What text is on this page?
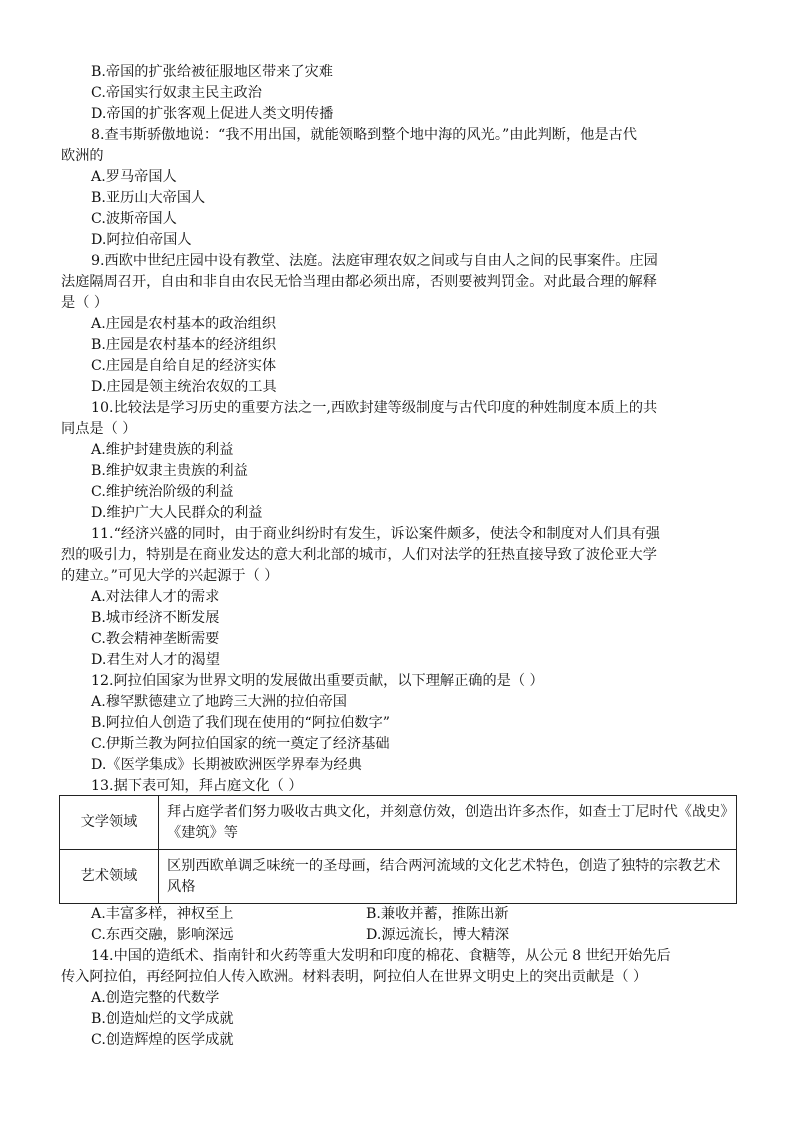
B.帝国的扩张给被征服地区带来了灾难
C.帝国实行奴隶主民主政治
D.帝国的扩张客观上促进人类文明传播
8.查韦斯骄傲地说：“我不用出国，就能领略到整个地中海的风光。”由此判断，他是古代
欧洲的
A.罗马帝国人
B.亚历山大帝国人
C.波斯帝国人
D.阿拉伯帝国人
9.西欧中世纪庄园中设有教堂、法庭。法庭审理农奴之间或与自由人之间的民事案件。庄园
法庭隔周召开，自由和非自由农民无恰当理由都必须出席，否则要被判罚金。对此最合理的解释
是（ ）
A.庄园是农村基本的政治组织
B.庄园是农村基本的经济组织
C.庄园是自给自足的经济实体
D.庄园是领主统治农奴的工具
10.比较法是学习历史的重要方法之一,西欧封建等级制度与古代印度的种姓制度本质上的共
同点是（ ）
A.维护封建贵族的利益
B.维护奴隶主贵族的利益
C.维护统治阶级的利益
D.维护广大人民群众的利益
11.“经济兴盛的同时，由于商业纠纷时有发生，诉讼案件颇多，使法令和制度对人们具有强
烈的吸引力，特别是在商业发达的意大利北部的城市，人们对法学的狂热直接导致了波伦亚大学
的建立。”可见大学的兴起源于（ ）
A.对法律人才的需求
B.城市经济不断发展
C.教会精神垄断需要
D.君生对人才的渴望
12.阿拉伯国家为世界文明的发展做出重要贡献，以下理解正确的是（ ）
A.穆罕默德建立了地跨三大洲的拉伯帝国
B.阿拉伯人创造了我们现在使用的“阿拉伯数字”
C.伊斯兰教为阿拉伯国家的统一奠定了经济基础
D.《医学集成》长期被欧洲医学界奉为经典
13.据下表可知，拜占庭文化（ ）
文学领域	拜占庭学者们努力吸收古典文化，并刻意仿效，创造出许多杰作，如查士丁尼时代《战史》《建筑》等
艺术领域	区别西欧单调乏味统一的圣母画，结合两河流域的文化艺术特色，创造了独特的宗教艺术风格
A.丰富多样，神权至上	B.兼收并蓄，推陈出新
C.东西交融，影响深远	D.源远流长，博大精深
14.中国的造纸术、指南针和火药等重大发明和印度的棉花、食糖等，从公元 8 世纪开始先后
传入阿拉伯，再经阿拉伯人传入欧洲。材料表明，阿拉伯人在世界文明史上的突出贡献是（ ）
A.创造完整的代数学
B.创造灿烂的文学成就
C.创造辉煌的医学成就
